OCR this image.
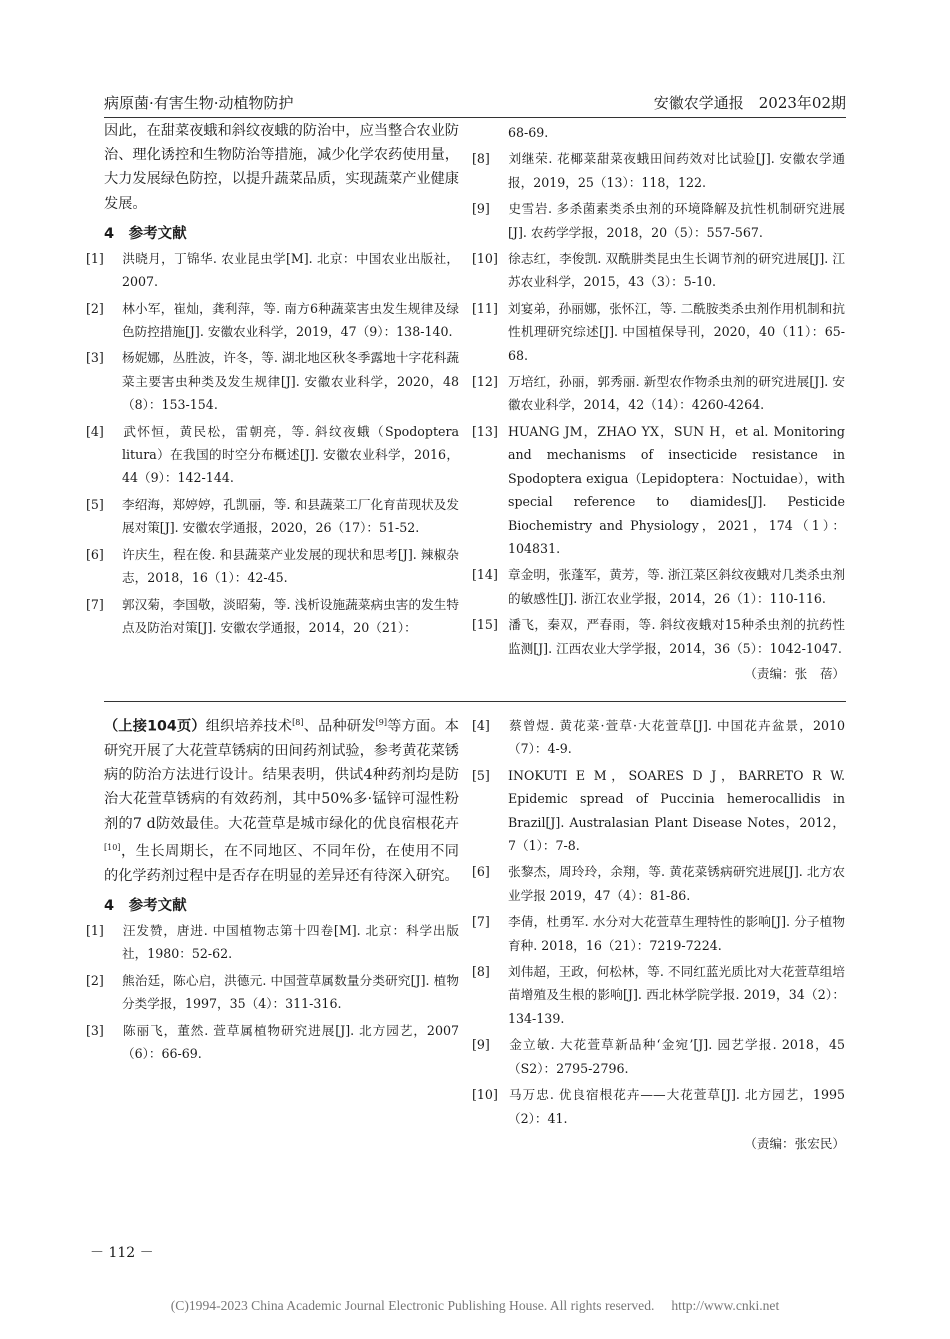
病原菌·有害生物·动植物防护	安徽农学通报　2023年02期

因此，在甜菜夜蛾和斜纹夜蛾的防治中，应当整合农业防治、理化诱控和生物防治等措施，减少化学农药使用量，大力发展绿色防控，以提升蔬菜品质，实现蔬菜产业健康发展。

4　参考文献

[1] 洪晓月，丁锦华. 农业昆虫学[M]. 北京：中国农业出版社，2007.

[2] 林小军，崔灿，龚利萍，等. 南方6种蔬菜害虫发生规律及绿色防控措施[J]. 安徽农业科学，2019，47（9）：138-140.

[3] 杨妮娜，丛胜波，许冬，等. 湖北地区秋冬季露地十字花科蔬菜主要害虫种类及发生规律[J]. 安徽农业科学，2020，48（8）：153-154.

[4] 武怀恒，黄民松，雷朝亮，等. 斜纹夜蛾（Spodoptera litura）在我国的时空分布概述[J]. 安徽农业科学，2016，44（9）：142-144.

[5] 李绍海，郑婷婷，孔凯丽，等. 和县蔬菜工厂化育苗现状及发展对策[J]. 安徽农学通报，2020，26（17）：51-52.

[6] 许庆生，程在俊. 和县蔬菜产业发展的现状和思考[J]. 辣椒杂志，2018，16（1）：42-45.

[7] 郭汉菊，李国敬，淡昭菊，等. 浅析设施蔬菜病虫害的发生特点及防治对策[J]. 安徽农学通报，2014，20（21）：

68-69.

[8] 刘继荣. 花椰菜甜菜夜蛾田间药效对比试验[J]. 安徽农学通报，2019，25（13）：118，122.

[9] 史雪岩. 多杀菌素类杀虫剂的环境降解及抗性机制研究进展[J]. 农药学学报，2018，20（5）：557-567.

[10] 徐志红，李俊凯. 双酰肼类昆虫生长调节剂的研究进展[J]. 江苏农业科学，2015，43（3）：5-10.

[11] 刘宴弟，孙丽娜，张怀江，等. 二酰胺类杀虫剂作用机制和抗性机理研究综述[J]. 中国植保导刊，2020，40（11）：65-68.

[12] 万培红，孙丽，郭秀丽. 新型农作物杀虫剂的研究进展[J]. 安徽农业科学，2014，42（14）：4260-4264.

[13] HUANG JM，ZHAO YX，SUN H，et al. Monitoring and mechanisms of insecticide resistance in Spodoptera exigua（Lepidoptera：Noctuidae），with special reference to diamides[J]. Pesticide Biochemistry and Physiology，2021，174（1）：104831.

[14] 章金明，张蓬军，黄芳，等. 浙江菜区斜纹夜蛾对几类杀虫剂的敏感性[J]. 浙江农业学报，2014，26（1）：110-116.

[15] 潘飞，秦双，严春雨，等. 斜纹夜蛾对15种杀虫剂的抗药性监测[J]. 江西农业大学学报，2014，36（5）：1042-1047.

（责编：张　蓓）

（上接104页）组织培养技术[8]、品种研发[9]等方面。本研究开展了大花萱草锈病的田间药剂试验，参考黄花菜锈病的防治方法进行设计。结果表明，供试4种药剂均是防治大花萱草锈病的有效药剂，其中50%多·锰锌可湿性粉剂的7 d防效最佳。大花萱草是城市绿化的优良宿根花卉[10]，生长周期长，在不同地区、不同年份，在使用不同的化学药剂过程中是否存在明显的差异还有待深入研究。

4　参考文献

[1] 汪发赞，唐进. 中国植物志第十四卷[M]. 北京：科学出版社，1980：52-62.

[2] 熊治廷，陈心启，洪德元. 中国萱草属数量分类研究[J]. 植物分类学报，1997，35（4）：311-316.

[3] 陈丽飞，董然. 萱草属植物研究进展[J]. 北方园艺，2007（6）：66-69.

[4] 蔡曾煜. 黄花菜·萱草·大花萱草[J]. 中国花卉盆景，2010（7）：4-9.

[5] INOKUTI E M，SOARES D J，BARRETO R W. Epidemic spread of Puccinia hemerocallidis in Brazil[J]. Australasian Plant Disease Notes，2012，7（1）：7-8.

[6] 张黎杰，周玲玲，余翔，等. 黄花菜锈病研究进展[J]. 北方农业学报 2019，47（4）：81-86.

[7] 李倩，杜勇军. 水分对大花萱草生理特性的影响[J]. 分子植物育种. 2018，16（21）：7219-7224.

[8] 刘伟超，王政，何松林，等. 不同红蓝光质比对大花萱草组培苗增殖及生根的影响[J]. 西北林学院学报. 2019，34（2）：134-139.

[9] 金立敏. 大花萱草新品种‘金宛’[J]. 园艺学报. 2018，45（S2）：2795-2796.

[10] 马万忠. 优良宿根花卉——大花萱草[J]. 北方园艺，1995（2）：41.

（责编：张宏民）
－ 112 －
(C)1994-2023 China Academic Journal Electronic Publishing House. All rights reserved.　 http://www.cnki.net
